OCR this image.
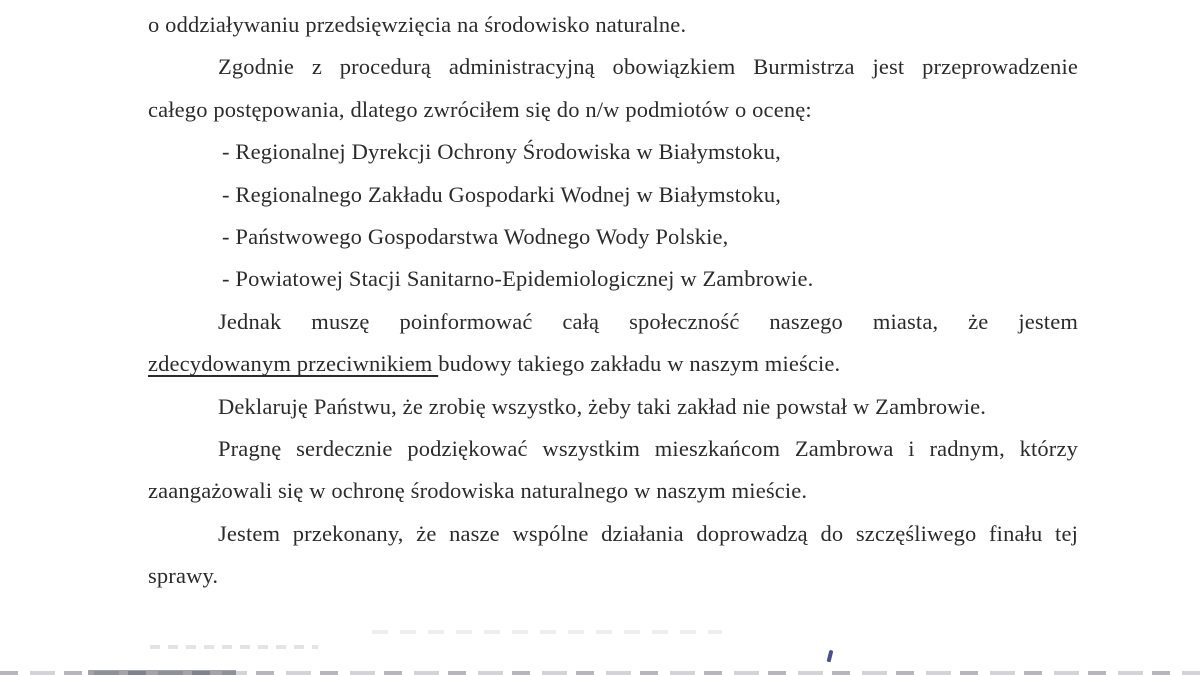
o oddziaływaniu przedsięwzięcia na środowisko naturalne.

Zgodnie z procedurą administracyjną obowiązkiem Burmistrza jest przeprowadzenie

całego postępowania, dlatego zwróciłem się do n/w podmiotów o ocenę:

- Regionalnej Dyrekcji Ochrony Środowiska w Białymstoku,

- Regionalnego Zakładu Gospodarki Wodnej w Białymstoku,

- Państwowego Gospodarstwa Wodnego Wody Polskie,

- Powiatowej Stacji Sanitarno-Epidemiologicznej w Zambrowie.

Jednak muszę poinformować całą społeczność naszego miasta, że jestem

zdecydowanym przeciwnikiem budowy takiego zakładu w naszym mieście.

Deklaruję Państwu, że zrobię wszystko, żeby taki zakład nie powstał w Zambrowie.

Pragnę serdecznie podziękować wszystkim mieszkańcom Zambrowa i radnym, którzy

zaangażowali się w ochronę środowiska naturalnego w naszym mieście.

Jestem przekonany, że nasze wspólne działania doprowadzą do szczęśliwego finału tej

sprawy.
